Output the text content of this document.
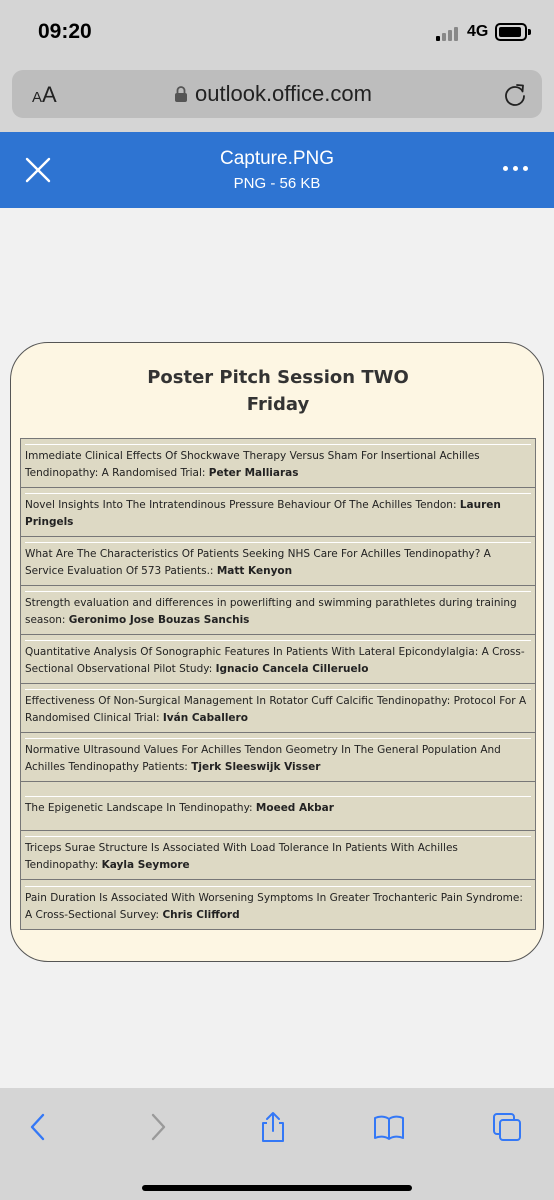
09:20	4G
AA	outlook.office.com
Capture.PNG
PNG - 56 KB
Poster Pitch Session TWO
Friday
Immediate Clinical Effects Of Shockwave Therapy Versus Sham For Insertional Achilles Tendinopathy: A Randomised Trial: Peter Malliaras
Novel Insights Into The Intratendinous Pressure Behaviour Of The Achilles Tendon: Lauren Pringels
What Are The Characteristics Of Patients Seeking NHS Care For Achilles Tendinopathy? A Service Evaluation Of 573 Patients.: Matt Kenyon
Strength evaluation and differences in powerlifting and swimming parathletes during training season: Geronimo Jose Bouzas Sanchis
Quantitative Analysis Of Sonographic Features In Patients With Lateral Epicondylalgia: A Cross-Sectional Observational Pilot Study: Ignacio Cancela Cilleruelo
Effectiveness Of Non-Surgical Management In Rotator Cuff Calcific Tendinopathy: Protocol For A Randomised Clinical Trial: Iván Caballero
Normative Ultrasound Values For Achilles Tendon Geometry In The General Population And Achilles Tendinopathy Patients: Tjerk Sleeswijk Visser
The Epigenetic Landscape In Tendinopathy: Moeed Akbar
Triceps Surae Structure Is Associated With Load Tolerance In Patients With Achilles Tendinopathy: Kayla Seymore
Pain Duration Is Associated With Worsening Symptoms In Greater Trochanteric Pain Syndrome: A Cross-Sectional Survey: Chris Clifford
